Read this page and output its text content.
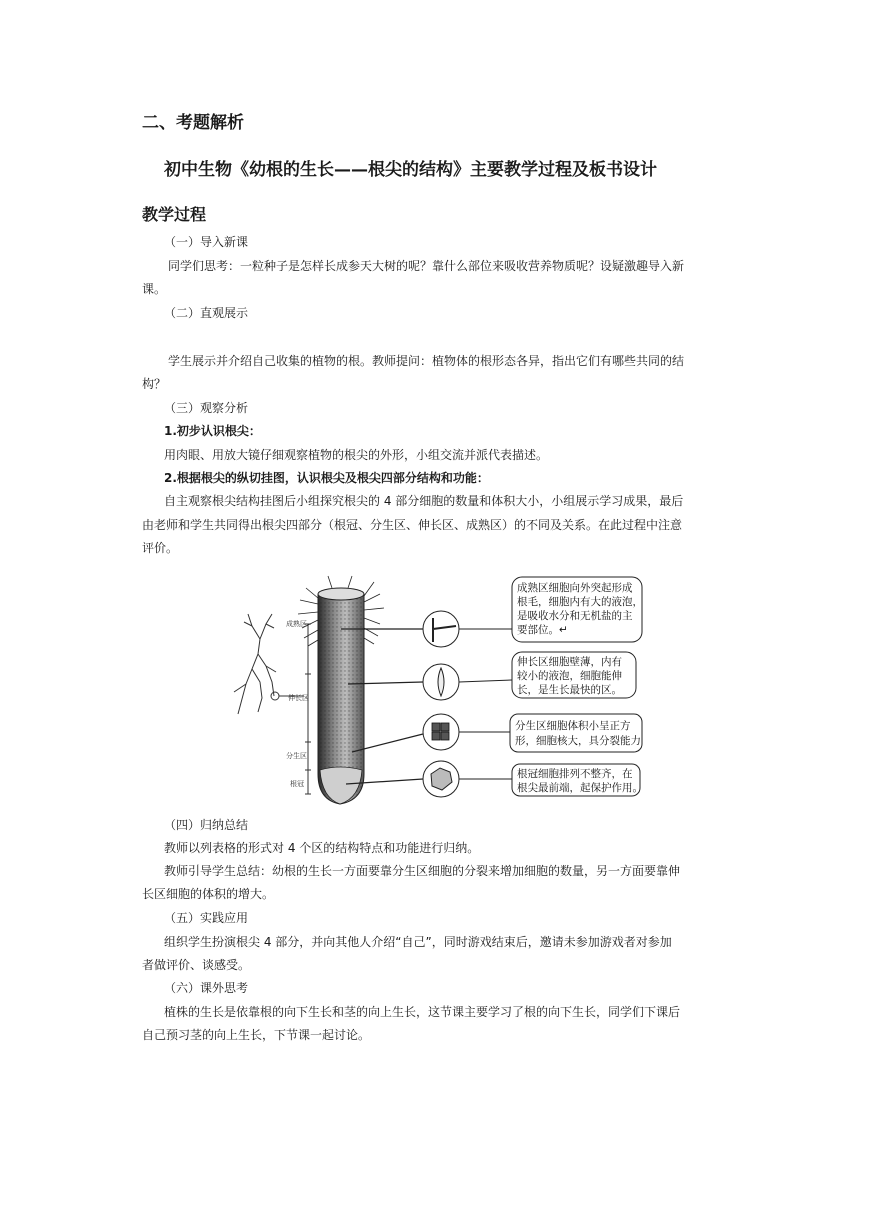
二、考题解析
初中生物《幼根的生长——根尖的结构》主要教学过程及板书设计
教学过程
（一）导入新课
同学们思考：一粒种子是怎样长成参天大树的呢？靠什么部位来吸收营养物质呢？设疑激趣导入新
课。
（二）直观展示
学生展示并介绍自己收集的植物的根。教师提问：植物体的根形态各异，指出它们有哪些共同的结
构？
（三）观察分析
1.初步认识根尖：
用肉眼、用放大镜仔细观察植物的根尖的外形，小组交流并派代表描述。
2.根据根尖的纵切挂图，认识根尖及根尖四部分结构和功能：
自主观察根尖结构挂图后小组探究根尖的 4 部分细胞的数量和体积大小，小组展示学习成果，最后
由老师和学生共同得出根尖四部分（根冠、分生区、伸长区、成熟区）的不同及关系。在此过程中注意
评价。
成熟区
伸长区
分生区
根冠
成熟区细胞向外突起形成
根毛，细胞内有大的液泡，
是吸收水分和无机盐的主
要部位。↵
伸长区细胞壁薄，内有
较小的液泡，细胞能伸
长，是生长最快的区。
分生区细胞体积小呈正方
形，细胞核大，具分裂能力
根冠细胞排列不整齐，在
根尖最前端，起保护作用。
（四）归纳总结
教师以列表格的形式对 4 个区的结构特点和功能进行归纳。
教师引导学生总结：幼根的生长一方面要靠分生区细胞的分裂来增加细胞的数量，另一方面要靠伸
长区细胞的体积的增大。
（五）实践应用
组织学生扮演根尖 4 部分，并向其他人介绍“自己”，同时游戏结束后，邀请未参加游戏者对参加
者做评价、谈感受。
（六）课外思考
植株的生长是依靠根的向下生长和茎的向上生长，这节课主要学习了根的向下生长，同学们下课后
自己预习茎的向上生长，下节课一起讨论。
